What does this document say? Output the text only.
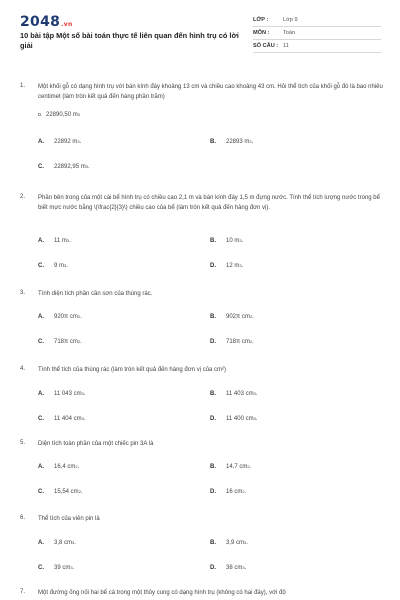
2048.vn
10 bài tập Một số bài toán thực tế liên quan đến hình trụ có lời giải
LỚP :	Lớp 9
MÔN :	Toán
SỐ CÂU : 11
1. Một khối gỗ có dạng hình trụ với bán kính đáy khoảng 13 cm và chiều cao khoảng 43 cm. Hỏi thể tích của khối gỗ đó là bao nhiêu centimet (làm tròn kết quả đến hàng phần trăm)
D. 22890,50 m 3
A.	22892 m 3 .	B.	22893 m 3 .
C.	22892,95 m 3 .
2. Phần bên trong của một cái bể hình trụ có chiều cao 2,1 m và bán kính đáy 1,5 m đựng nước. Tính thể tích lượng nước trong bể biết mực nước bằng \(\frac{2}{3}\) chiều cao của bể (làm tròn kết quả đến hàng đơn vị).
A.	11 m 3 .	B.	10 m 3 .
C.	9 m 3 .	D.	12 m 3 .
3. Tính diện tích phần cần sơn của thùng rác.
A.	920π cm 2 .	B.	902π cm 2 .
C.	718π cm 2 .	D.	718π cm 2 .
4. Tính thể tích của thùng rác (làm tròn kết quả đến hàng đơn vị của cm²)
A.	11 043 cm 3 .	B.	11 403 cm 3 .
C.	11 404 cm 3 .	D.	11 400 cm 3 .
5. Diện tích toàn phần của một chiếc pin 3A là
A.	16,4 cm 2 .	B.	14,7 cm 2 .
C.	15,54 cm 2 .	D.	16 cm 2 .
6. Thể tích của viên pin là
A.	3,8 cm 3 .	B.	3,9 cm 3 .
C.	39 cm 3 .	D.	38 cm 3 .
7. Một đường ống nối hai bể cá trong một thủy cung có dạng hình trụ (không có hai đáy), với độ
